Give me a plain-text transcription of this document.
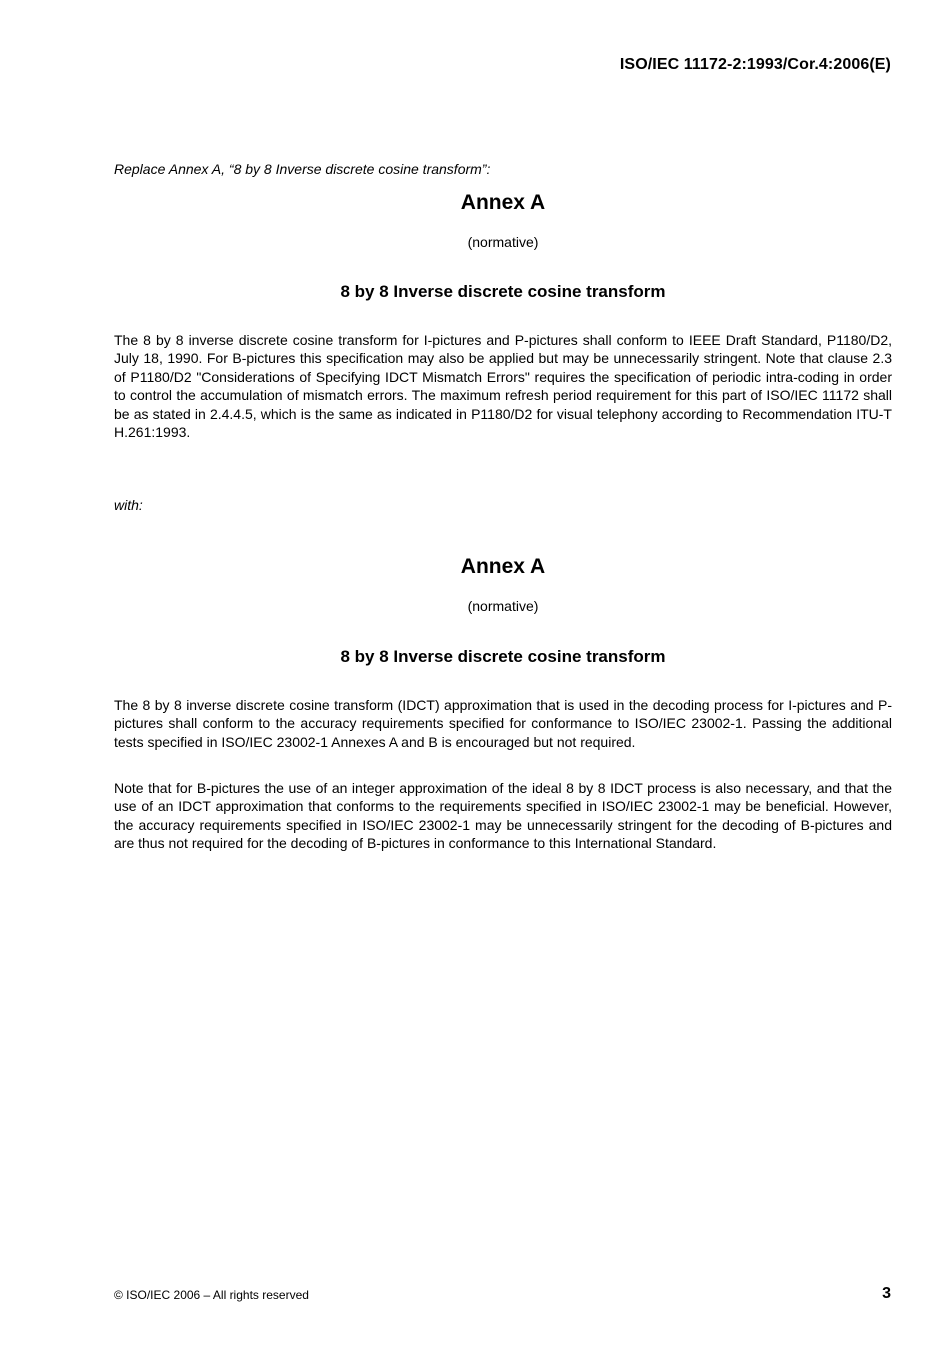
ISO/IEC 11172-2:1993/Cor.4:2006(E)
Replace Annex A, “8 by 8 Inverse discrete cosine transform”:
Annex A
(normative)
8 by 8 Inverse discrete cosine transform

The 8 by 8 inverse discrete cosine transform for I-pictures and P-pictures shall conform to IEEE Draft Standard, P1180/D2, July 18, 1990. For B-pictures this specification may also be applied but may be unnecessarily stringent. Note that clause 2.3 of P1180/D2 "Considerations of Specifying IDCT Mismatch Errors" requires the specification of periodic intra-coding in order to control the accumulation of mismatch errors. The maximum refresh period requirement for this part of ISO/IEC 11172 shall be as stated in 2.4.4.5, which is the same as indicated in P1180/D2 for visual telephony according to Recommendation ITU-T H.261:1993.

with:
Annex A
(normative)
8 by 8 Inverse discrete cosine transform

The 8 by 8 inverse discrete cosine transform (IDCT) approximation that is used in the decoding process for I-pictures and P-pictures shall conform to the accuracy requirements specified for conformance to ISO/IEC 23002-1. Passing the additional tests specified in ISO/IEC 23002-1 Annexes A and B is encouraged but not required.

Note that for B-pictures the use of an integer approximation of the ideal 8 by 8 IDCT process is also necessary, and that the use of an IDCT approximation that conforms to the requirements specified in ISO/IEC 23002-1 may be beneficial. However, the accuracy requirements specified in ISO/IEC 23002-1 may be unnecessarily stringent for the decoding of B-pictures and are thus not required for the decoding of B-pictures in conformance to this International Standard.

© ISO/IEC 2006 – All rights reserved	3
